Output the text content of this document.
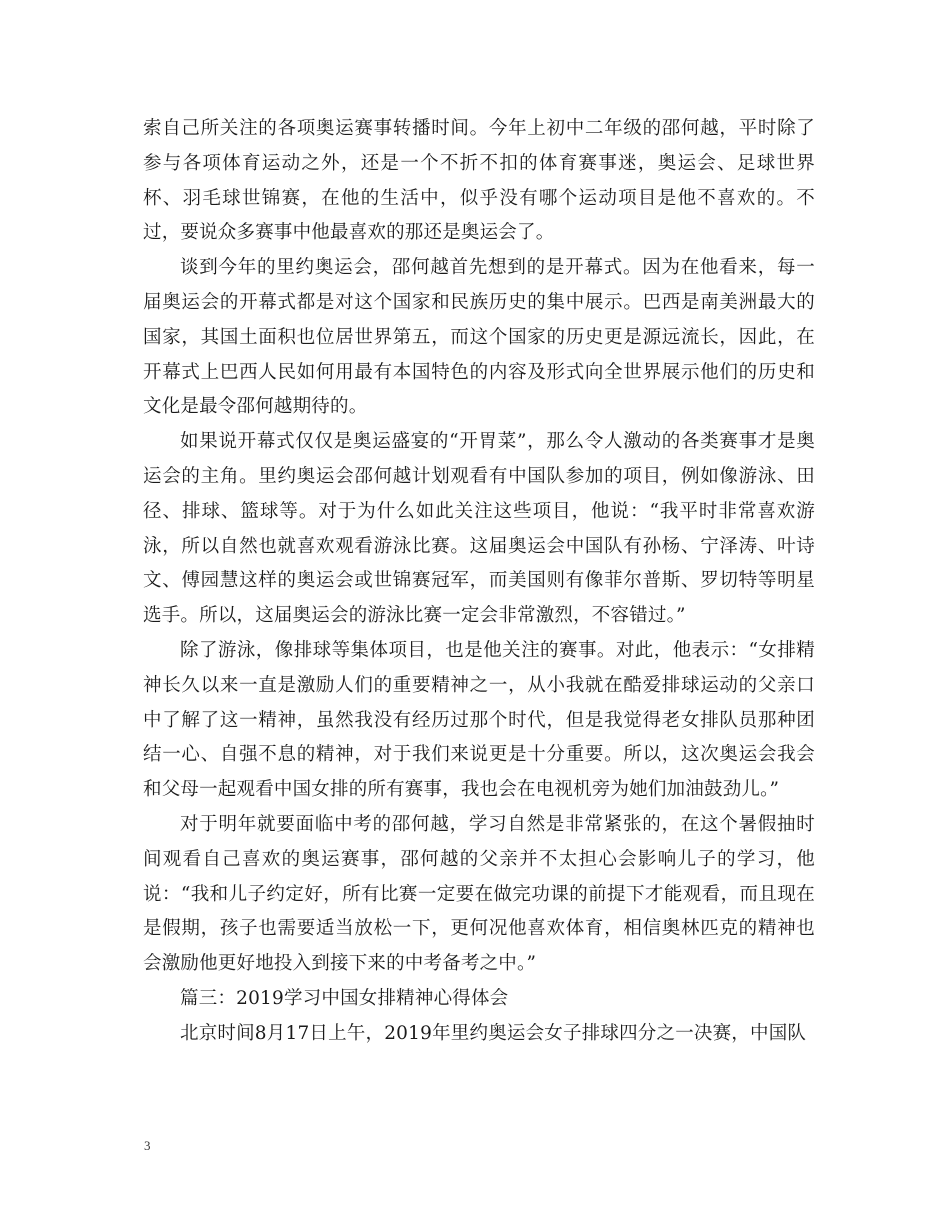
索自己所关注的各项奥运赛事转播时间。今年上初中二年级的邵何越，平时除了参与各项体育运动之外，还是一个不折不扣的体育赛事迷，奥运会、足球世界杯、羽毛球世锦赛，在他的生活中，似乎没有哪个运动项目是他不喜欢的。不过，要说众多赛事中他最喜欢的那还是奥运会了。

谈到今年的里约奥运会，邵何越首先想到的是开幕式。因为在他看来，每一届奥运会的开幕式都是对这个国家和民族历史的集中展示。巴西是南美洲最大的国家，其国土面积也位居世界第五，而这个国家的历史更是源远流长，因此，在开幕式上巴西人民如何用最有本国特色的内容及形式向全世界展示他们的历史和文化是最令邵何越期待的。

如果说开幕式仅仅是奥运盛宴的“开胃菜”，那么令人激动的各类赛事才是奥运会的主角。里约奥运会邵何越计划观看有中国队参加的项目，例如像游泳、田径、排球、篮球等。对于为什么如此关注这些项目，他说：“我平时非常喜欢游泳，所以自然也就喜欢观看游泳比赛。这届奥运会中国队有孙杨、宁泽涛、叶诗文、傅园慧这样的奥运会或世锦赛冠军，而美国则有像菲尔普斯、罗切特等明星选手。所以，这届奥运会的游泳比赛一定会非常激烈，不容错过。”

除了游泳，像排球等集体项目，也是他关注的赛事。对此，他表示：“女排精神长久以来一直是激励人们的重要精神之一，从小我就在酷爱排球运动的父亲口中了解了这一精神，虽然我没有经历过那个时代，但是我觉得老女排队员那种团结一心、自强不息的精神，对于我们来说更是十分重要。所以，这次奥运会我会和父母一起观看中国女排的所有赛事，我也会在电视机旁为她们加油鼓劲儿。”

对于明年就要面临中考的邵何越，学习自然是非常紧张的，在这个暑假抽时间观看自己喜欢的奥运赛事，邵何越的父亲并不太担心会影响儿子的学习，他说：“我和儿子约定好，所有比赛一定要在做完功课的前提下才能观看，而且现在是假期，孩子也需要适当放松一下，更何况他喜欢体育，相信奥林匹克的精神也会激励他更好地投入到接下来的中考备考之中。”

篇三：2019学习中国女排精神心得体会

北京时间8月17日上午，2019年里约奥运会女子排球四分之一决赛，中国队

3
